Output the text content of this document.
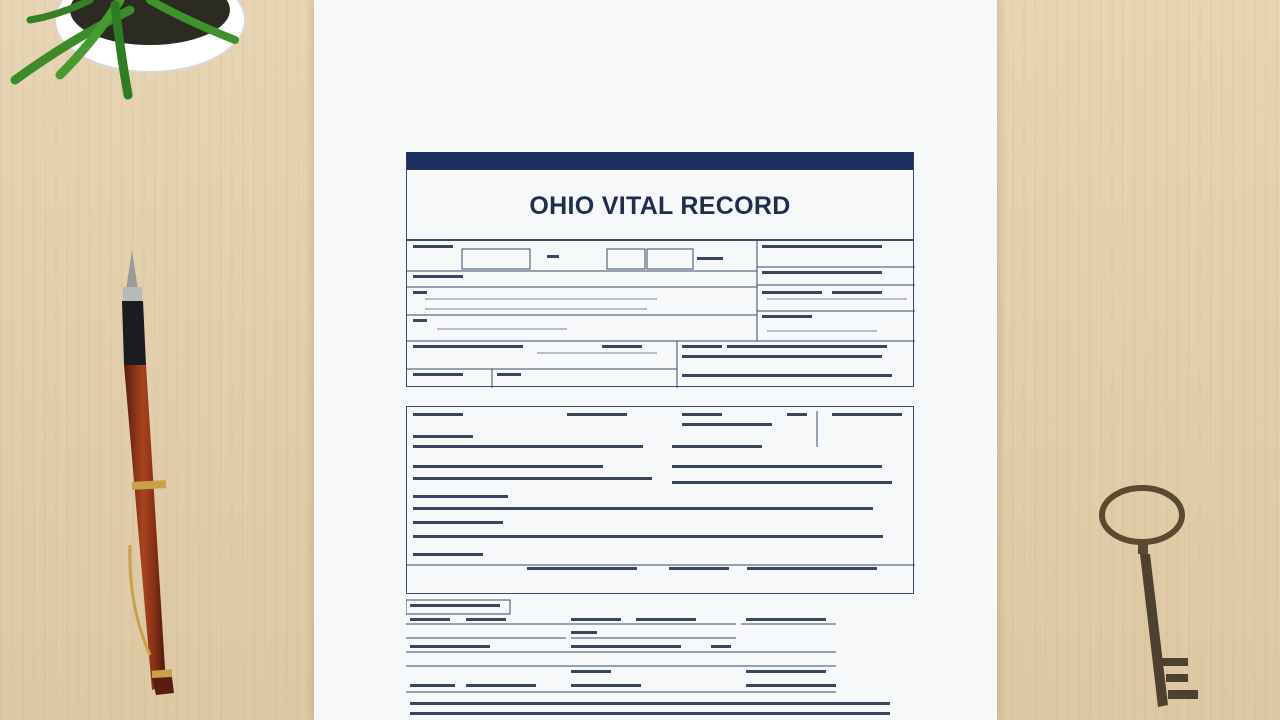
OHIO VITAL RECORD
